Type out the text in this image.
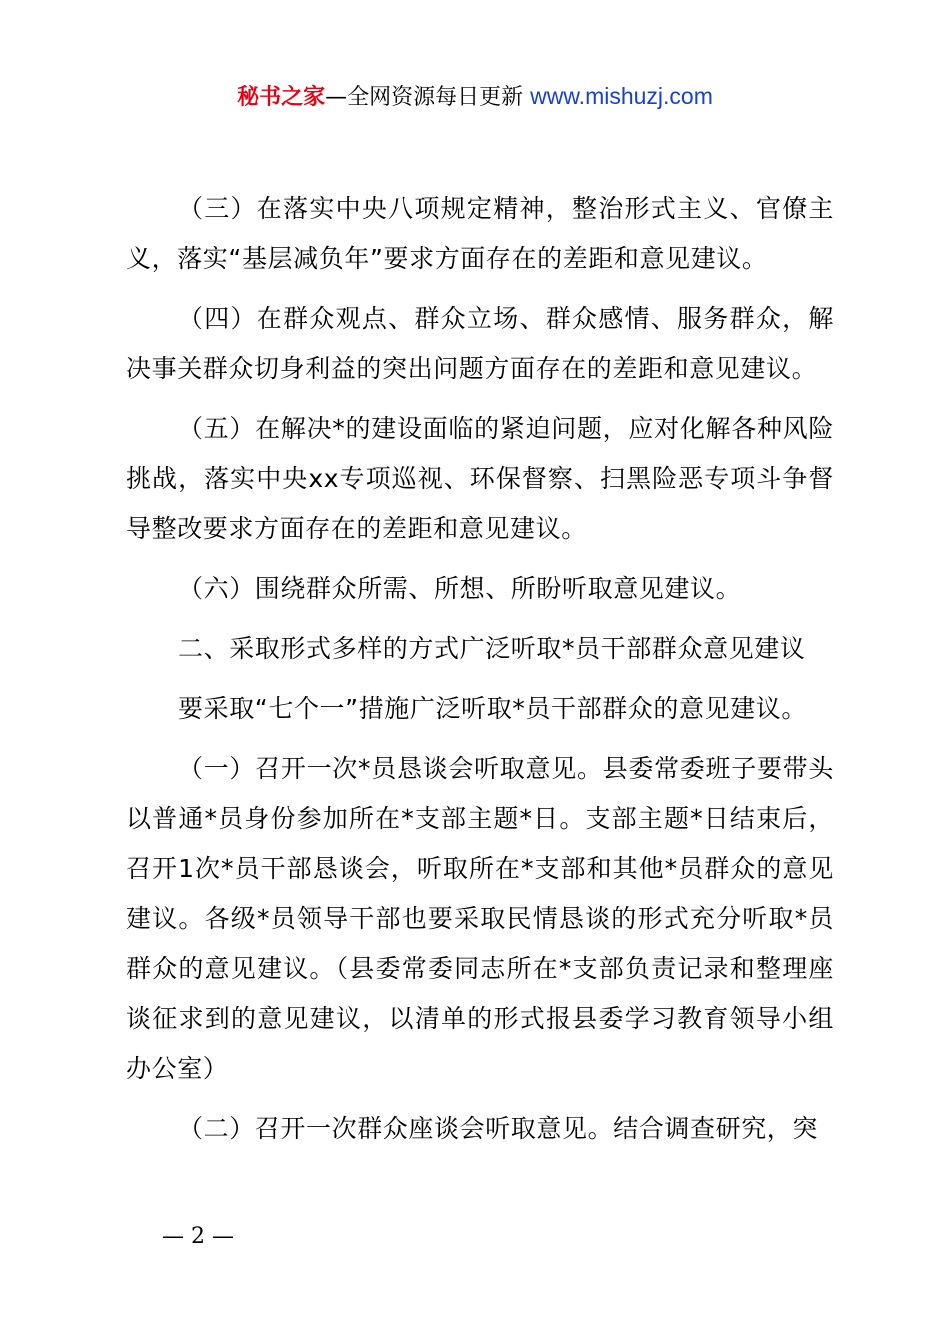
秘书之家—全网资源每日更新 www.mishuzj.com

（三）在落实中央八项规定精神，整治形式主义、官僚主义，落实“基层减负年”要求方面存在的差距和意见建议。

（四）在群众观点、群众立场、群众感情、服务群众，解决事关群众切身利益的突出问题方面存在的差距和意见建议。

（五）在解决*的建设面临的紧迫问题，应对化解各种风险挑战，落实中央xx专项巡视、环保督察、扫黑险恶专项斗争督导整改要求方面存在的差距和意见建议。

（六）围绕群众所需、所想、所盼听取意见建议。

二、采取形式多样的方式广泛听取*员干部群众意见建议

要采取“七个一”措施广泛听取*员干部群众的意见建议。

（一）召开一次*员恳谈会听取意见。县委常委班子要带头以普通*员身份参加所在*支部主题*日。支部主题*日结束后，召开1次*员干部恳谈会，听取所在*支部和其他*员群众的意见建议。各级*员领导干部也要采取民情恳谈的形式充分听取*员群众的意见建议。（县委常委同志所在*支部负责记录和整理座谈征求到的意见建议，以清单的形式报县委学习教育领导小组办公室）

（二）召开一次群众座谈会听取意见。结合调查研究，突

— 2 —
